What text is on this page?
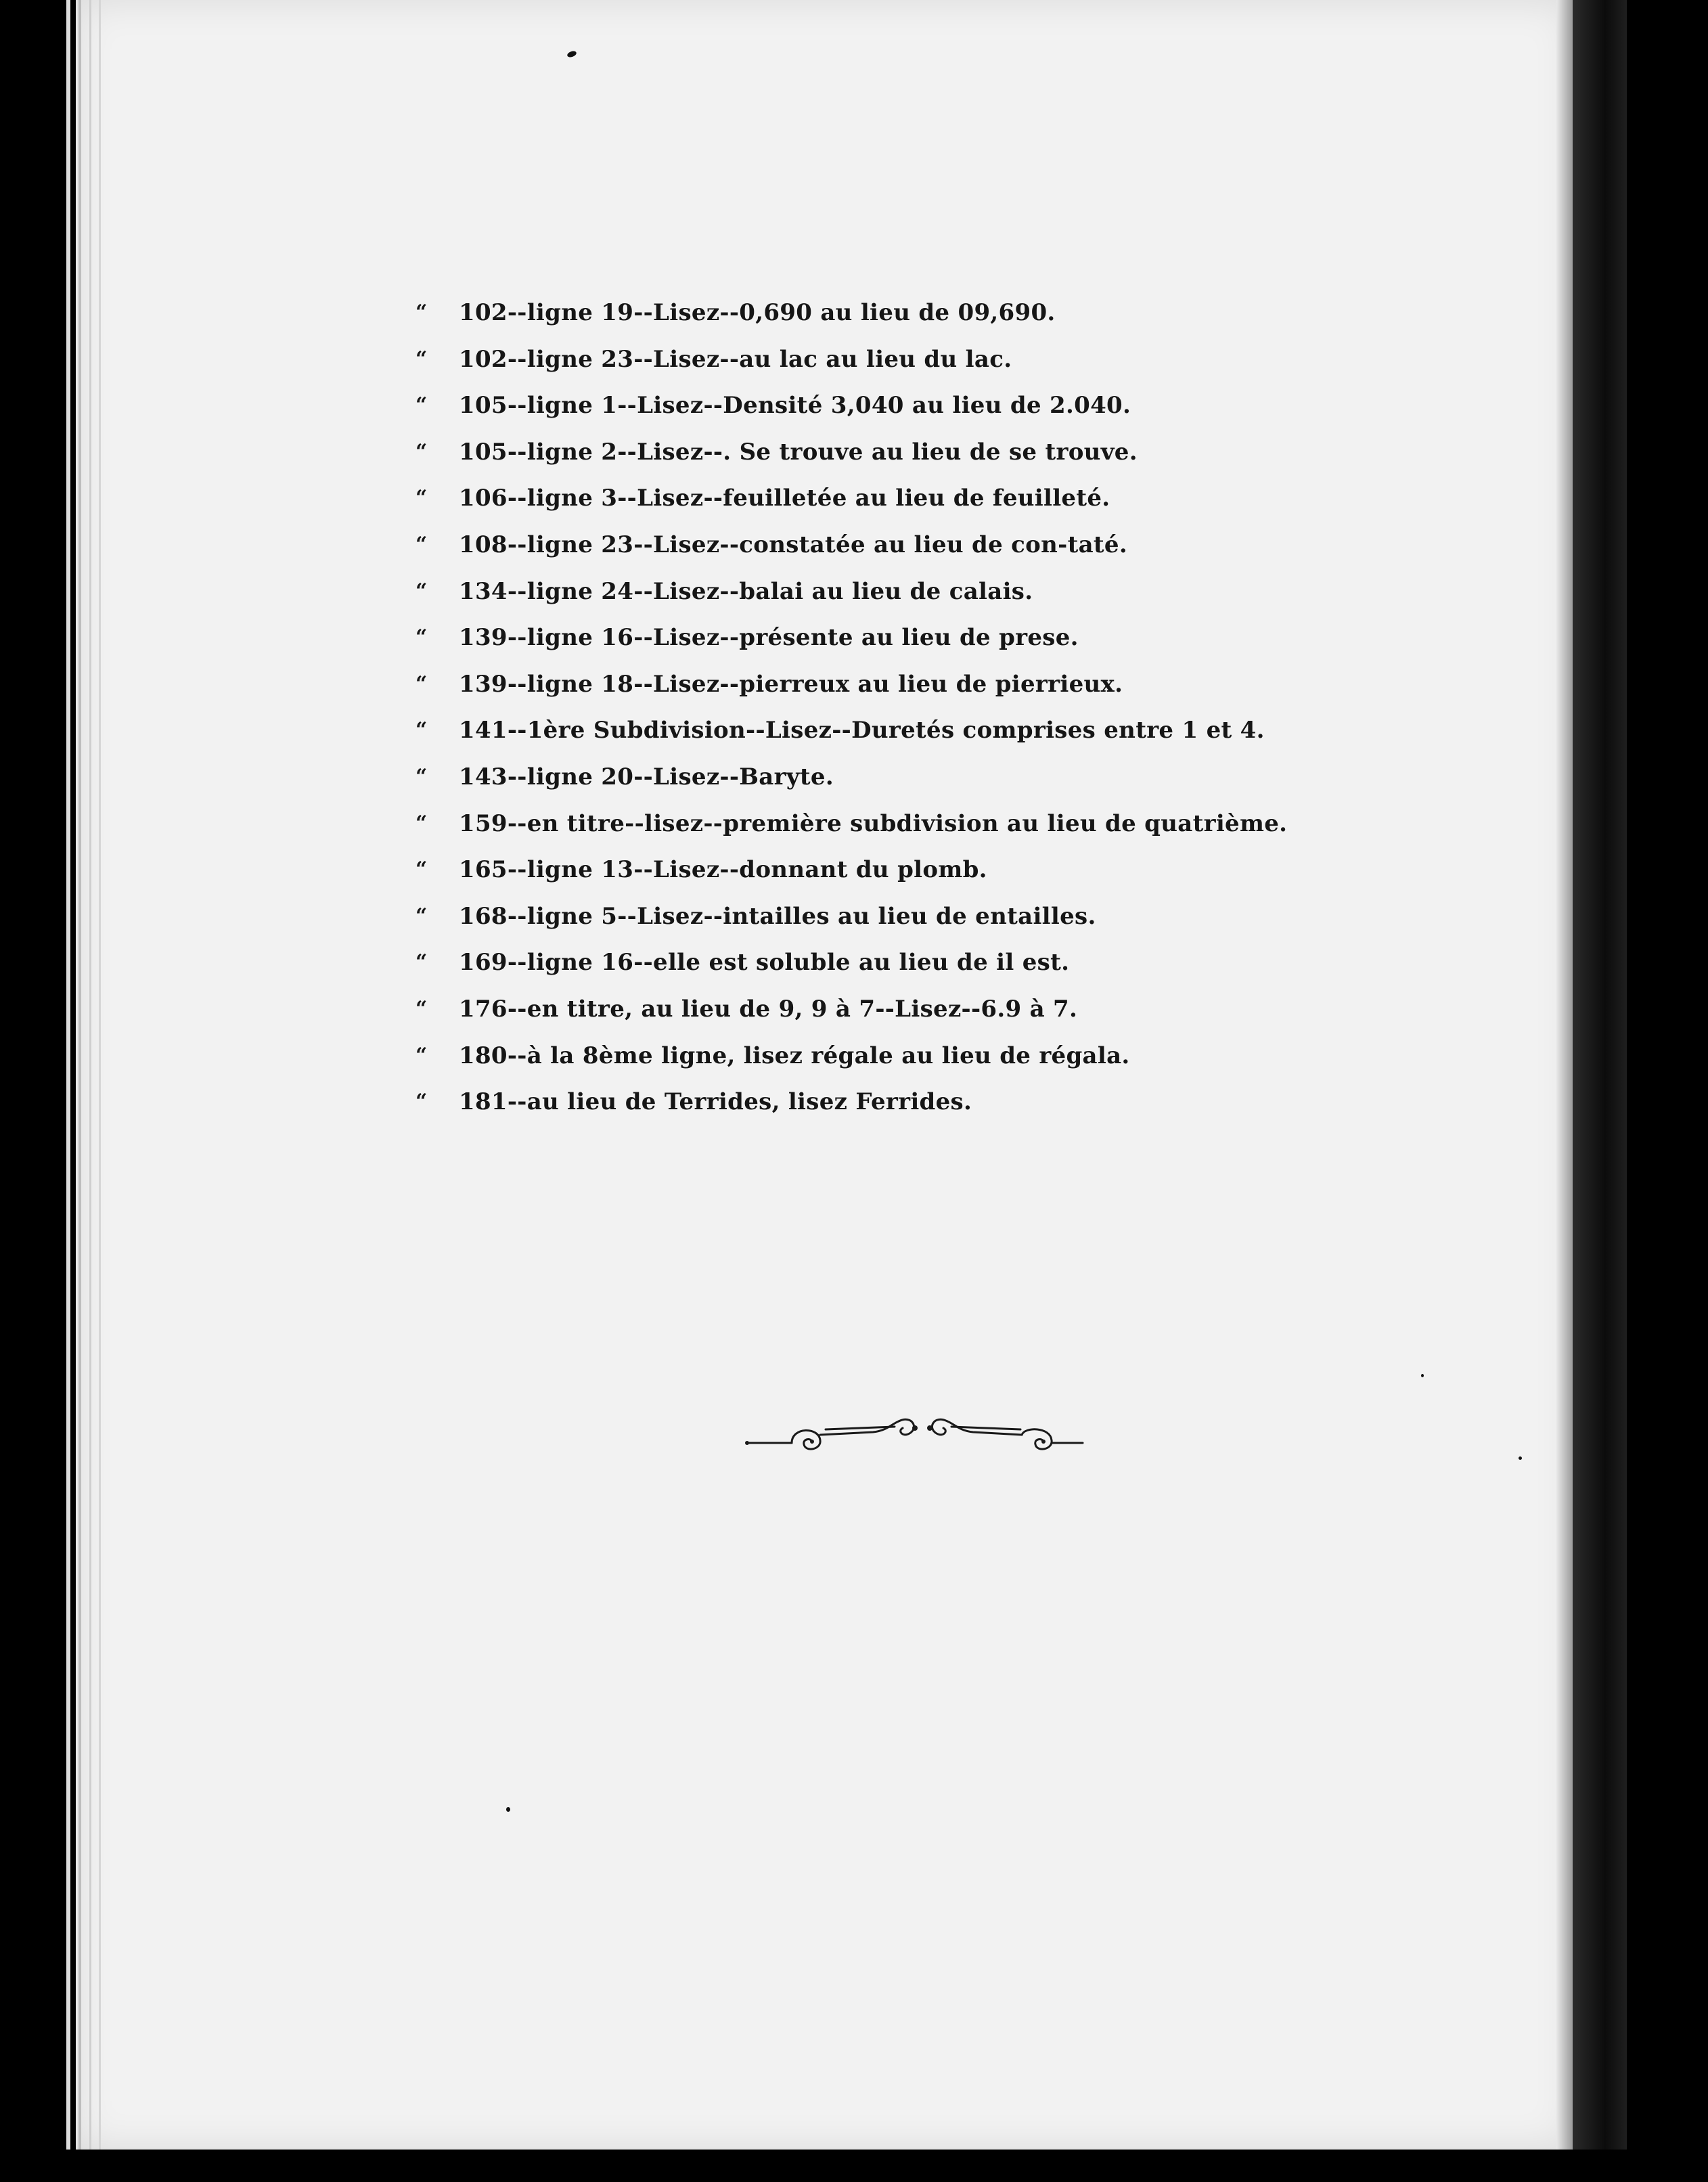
“ 102--ligne 19--Lisez--0,690 au lieu de 09,690.
“ 102--ligne 23--Lisez--au lac au lieu du lac.
“ 105--ligne 1--Lisez--Densité 3,040 au lieu de 2.040.
“ 105--ligne 2--Lisez--. Se trouve au lieu de se trouve.
“ 106--ligne 3--Lisez--feuilletée au lieu de feuilleté.
“ 108--ligne 23--Lisez--constatée au lieu de con-taté.
“ 134--ligne 24--Lisez--balai au lieu de calais.
“ 139--ligne 16--Lisez--présente au lieu de prese.
“ 139--ligne 18--Lisez--pierreux au lieu de pierrieux.
“ 141--1ère Subdivision--Lisez--Duretés comprises entre 1 et 4.
“ 143--ligne 20--Lisez--Baryte.
“ 159--en titre--lisez--première subdivision au lieu de quatrième.
“ 165--ligne 13--Lisez--donnant du plomb.
“ 168--ligne 5--Lisez--intailles au lieu de entailles.
“ 169--ligne 16--elle est soluble au lieu de il est.
“ 176--en titre, au lieu de 9, 9 à 7--Lisez--6.9 à 7.
“ 180--à la 8ème ligne, lisez régale au lieu de régala.
“ 181--au lieu de Terrides, lisez Ferrides.
